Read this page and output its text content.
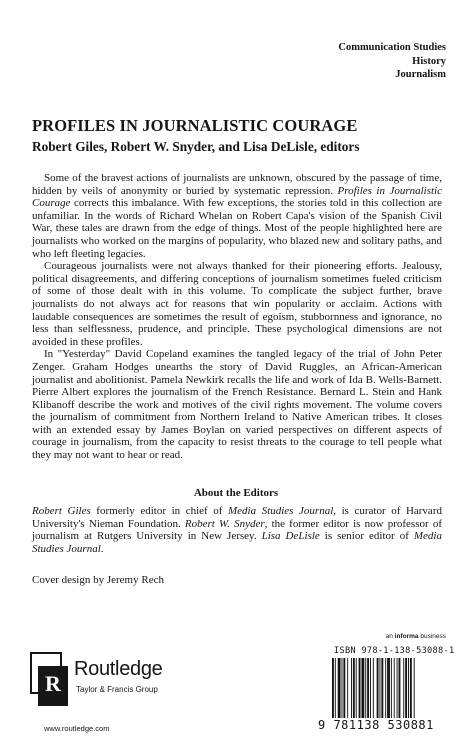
Communication Studies
History
Journalism
PROFILES IN JOURNALISTIC COURAGE
Robert Giles, Robert W. Snyder, and Lisa DeLisle, editors

Some of the bravest actions of journalists are unknown, obscured by the passage of time, hidden by veils of anonymity or buried by systematic repression. Profiles in Journalistic Courage corrects this imbalance. With few exceptions, the stories told in this collection are unfamiliar. In the words of Richard Whelan on Robert Capa's vision of the Spanish Civil War, these tales are drawn from the edge of things. Most of the people highlighted here are journalists who worked on the margins of popularity, who blazed new and solitary paths, and who left fleeting legacies.

Courageous journalists were not always thanked for their pioneering efforts. Jealousy, political disagreements, and differing conceptions of journalism sometimes fueled criticism of some of those dealt with in this volume. To complicate the subject further, brave journalists do not always act for reasons that win popularity or acclaim. Actions with laudable consequences are sometimes the result of egoism, stubbornness and ignorance, no less than selflessness, prudence, and principle. These psychological dimensions are not avoided in these profiles.

In "Yesterday" David Copeland examines the tangled legacy of the trial of John Peter Zenger. Graham Hodges unearths the story of David Ruggles, an African-American journalist and abolitionist. Pamela Newkirk recalls the life and work of Ida B. Wells-Barnett. Pierre Albert explores the journalism of the French Resistance. Bernard L. Stein and Hank Klibanoff describe the work and motives of the civil rights movement. The volume covers the journalism of commitment from Northern Ireland to Native American tribes. It closes with an extended essay by James Boylan on varied perspectives on different aspects of courage in journalism, from the capacity to resist threats to the courage to tell people what they may not want to hear or read.

About the Editors
Robert Giles formerly editor in chief of Media Studies Journal, is curator of Harvard University's Nieman Foundation. Robert W. Snyder, the former editor is now professor of journalism at Rutgers University in New Jersey. Lisa DeLisle is senior editor of Media Studies Journal.
Cover design by Jeremy Rech
an informa business
R
Routledge
Taylor & Francis Group
www.routledge.com
ISBN 978-1-138-53088-1
9 781138 530881
